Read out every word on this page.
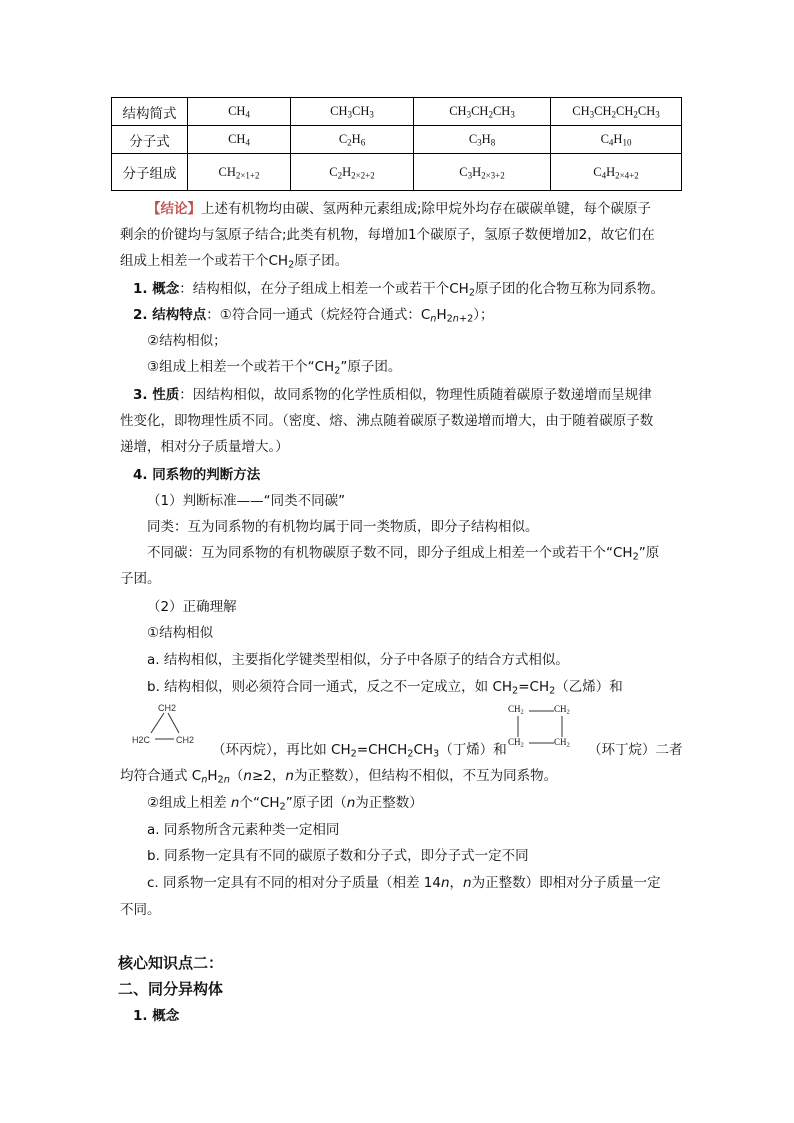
结构简式	$CH_4$	$CH_3CH_3$	$CH_3CH_2CH_3$	$CH_3CH_2CH_2CH_3$
分子式	$CH_4$	$C_2H_6$	$C_3H_8$	$C_4H_{10}$
分子组成	$CH_{2\times 1+2}$	$C_2H_{2\times 2+2}$	$C_3H_{2\times 3+2}$	$C_4H_{2\times 4+2}$
【结论】上述有机物均由碳、氢两种元素组成;除甲烷外均存在碳碳单键，每个碳原子
剩余的价键均与氢原子结合;此类有机物，每增加1个碳原子，氢原子数便增加2，故它们在
组成上相差一个或若干个$CH_2$原子团。
1. 概念：结构相似，在分子组成上相差一个或若干个$CH_2$原子团的化合物互称为同系物。
2. 结构特点：①符合同一通式（烷烃符合通式：$C_nH_{2n+2}$）；
②结构相似；
③组成上相差一个或若干个“$CH_2$”原子团。
3. 性质：因结构相似，故同系物的化学性质相似，物理性质随着碳原子数递增而呈规律
性变化，即物理性质不同。（密度、熔、沸点随着碳原子数递增而增大，由于随着碳原子数
递增，相对分子质量增大。）
4. 同系物的判断方法
（1）判断标准——“同类不同碳”
同类：互为同系物的有机物均属于同一类物质，即分子结构相似。
不同碳：互为同系物的有机物碳原子数不同，即分子组成上相差一个或若干个“$CH_2$”原
子团。
（2）正确理解
①结构相似
a. 结构相似，主要指化学键类型相似，分子中各原子的结合方式相似。
b. 结构相似，则必须符合同一通式，反之不一定成立，如 $CH_2=CH_2$（乙烯）和
CH2
H2C	CH2
（环丙烷），再比如 $CH_2=CHCH_2CH_3$（丁烯）和
$CH_2$	$CH_2$
$CH_2$	$CH_2$ （环丁烷）二者
均符合通式 $C_nH_{2n}(n\ge 2$，n为正整数），但结构不相似，不互为同系物。
②组成上相差 n个“$CH_2$”原子团（n为正整数）
a. 同系物所含元素种类一定相同
b. 同系物一定具有不同的碳原子数和分子式，即分子式一定不同
c. 同系物一定具有不同的相对分子质量（相差 14n，n为正整数）即相对分子质量一定
不同。
核心知识点二：
二、同分异构体
1. 概念
